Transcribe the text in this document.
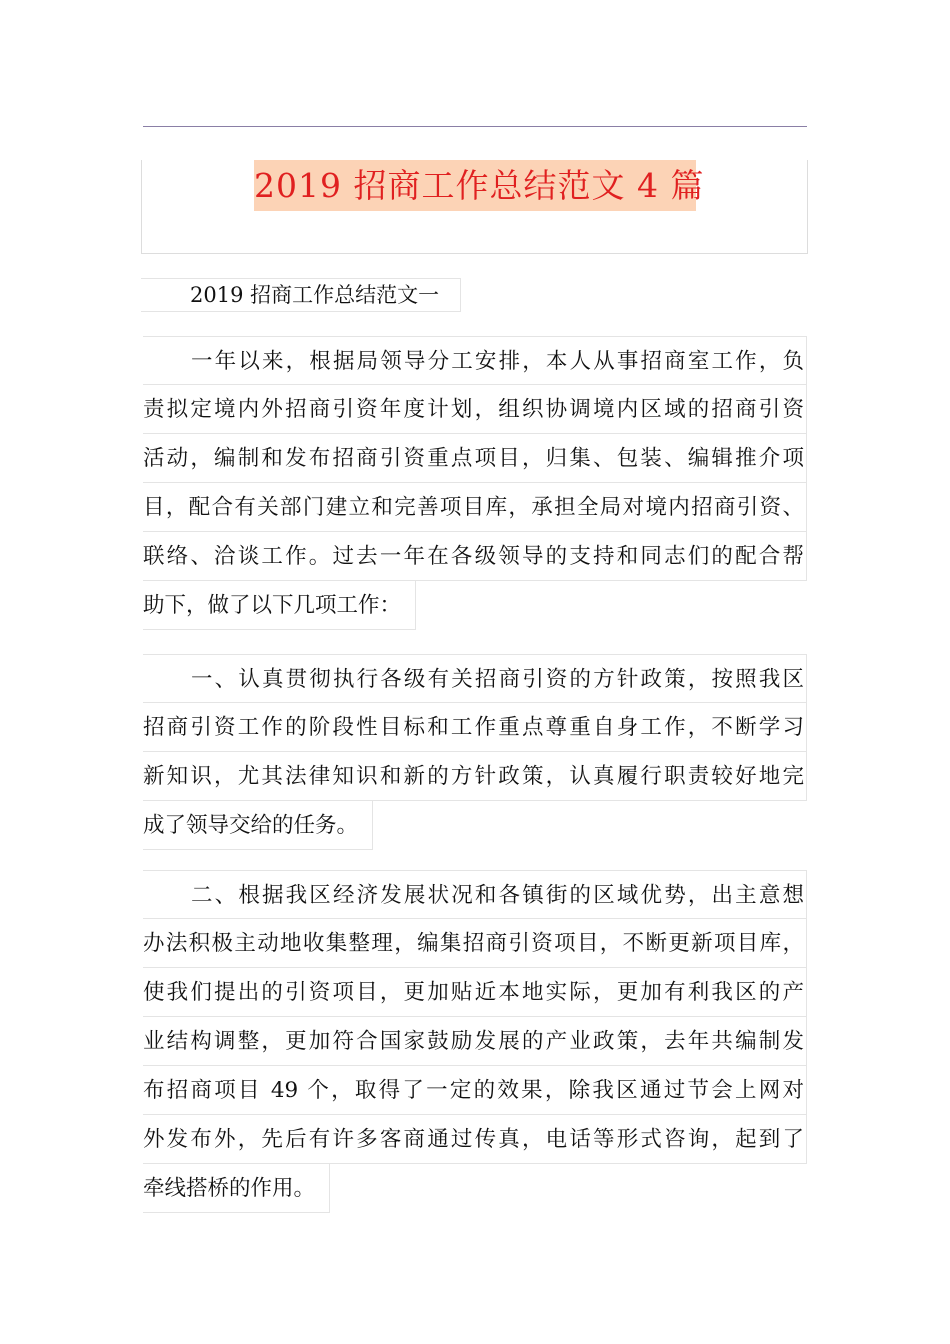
2019 招商工作总结范文 4 篇
2019 招商工作总结范文一
一年以来，根据局领导分工安排，本人从事招商室工作，负
责拟定境内外招商引资年度计划，组织协调境内区域的招商引资
活动，编制和发布招商引资重点项目，归集、包装、编辑推介项
目，配合有关部门建立和完善项目库，承担全局对境内招商引资、
联络、洽谈工作。过去一年在各级领导的支持和同志们的配合帮
助下，做了以下几项工作：
一、认真贯彻执行各级有关招商引资的方针政策，按照我区
招商引资工作的阶段性目标和工作重点尊重自身工作，不断学习
新知识，尤其法律知识和新的方针政策，认真履行职责较好地完
成了领导交给的任务。
二、根据我区经济发展状况和各镇街的区域优势，出主意想
办法积极主动地收集整理，编集招商引资项目，不断更新项目库，
使我们提出的引资项目，更加贴近本地实际，更加有利我区的产
业结构调整，更加符合国家鼓励发展的产业政策，去年共编制发
布招商项目 49 个，取得了一定的效果，除我区通过节会上网对
外发布外，先后有许多客商通过传真，电话等形式咨询，起到了
牵线搭桥的作用。
